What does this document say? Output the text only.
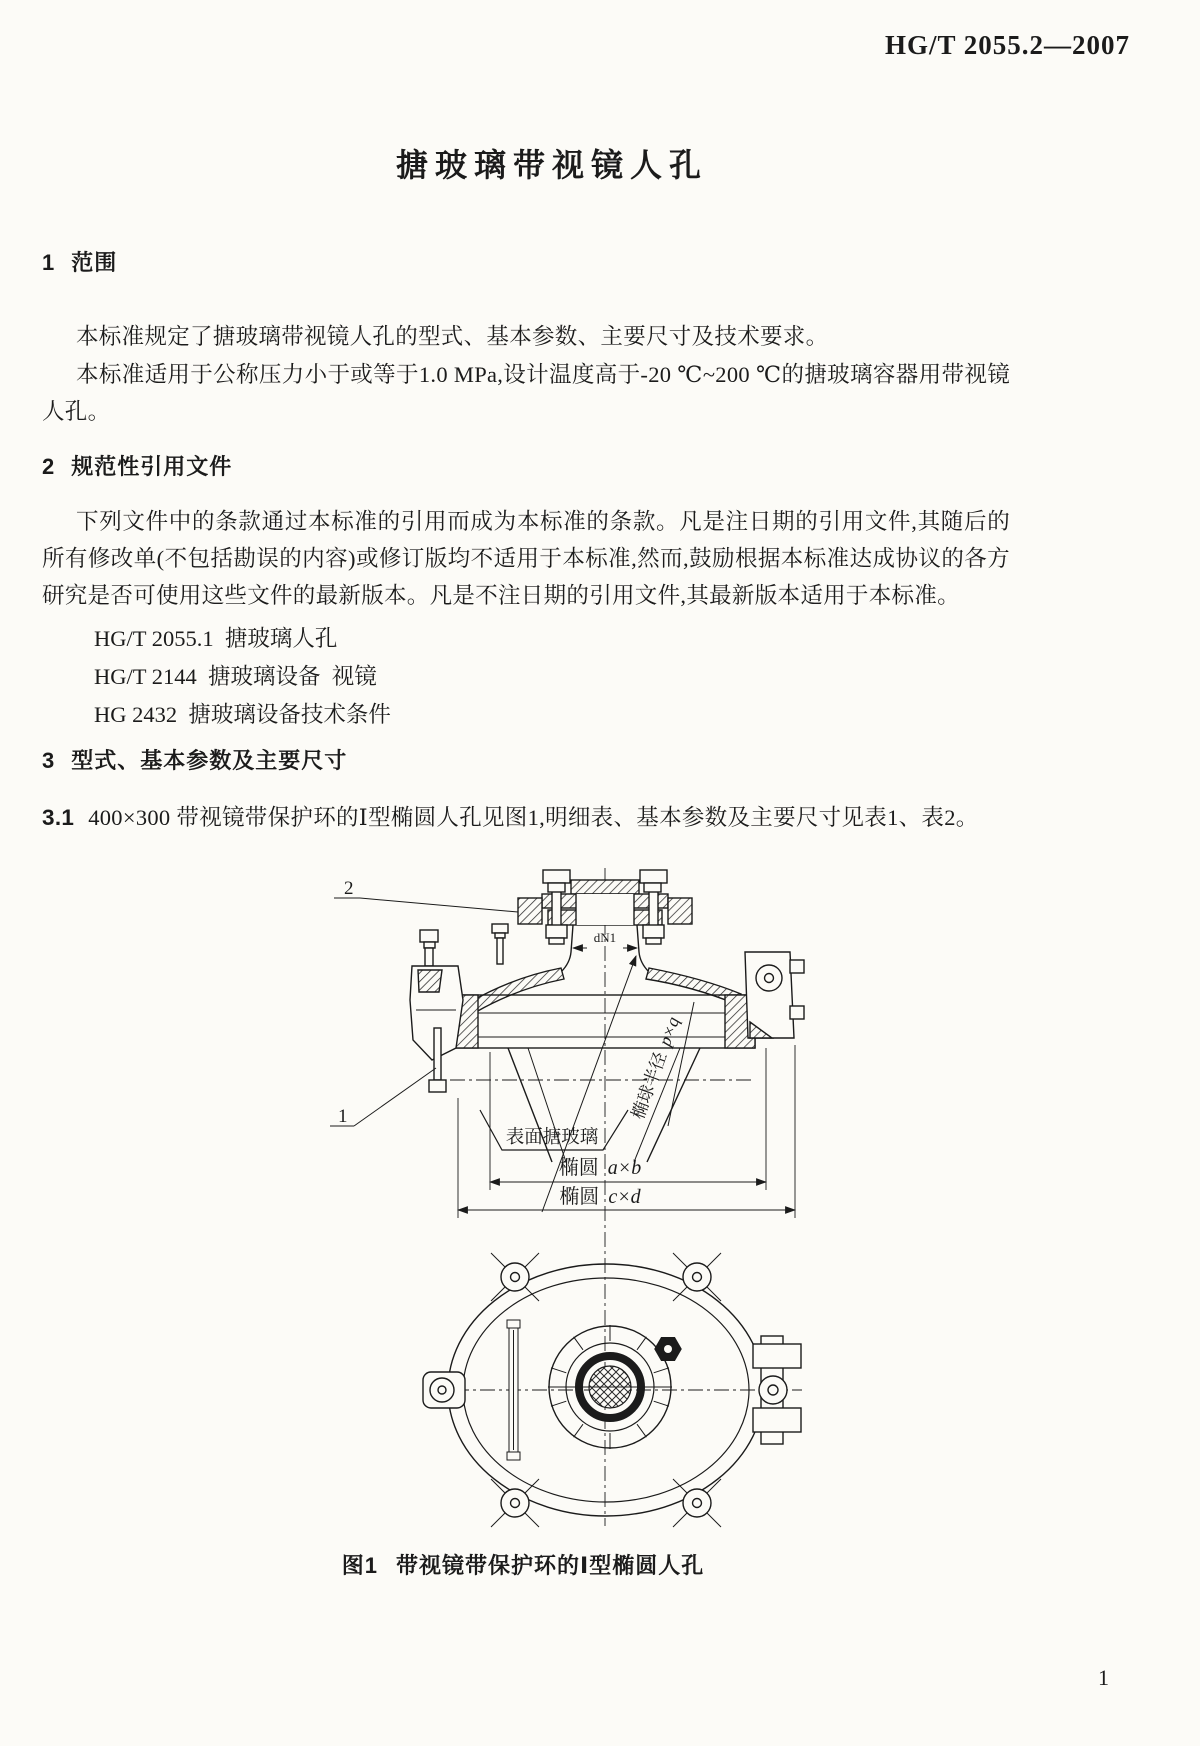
HG/T 2055.2—2007
搪玻璃带视镜人孔
1 范围
本标准规定了搪玻璃带视镜人孔的型式、基本参数、主要尺寸及技术要求。
本标准适用于公称压力小于或等于1.0 MPa,设计温度高于-20 ℃~200 ℃的搪玻璃容器用带视镜人孔。
2 规范性引用文件
下列文件中的条款通过本标准的引用而成为本标准的条款。凡是注日期的引用文件,其随后的所有修改单(不包括勘误的内容)或修订版均不适用于本标准,然而,鼓励根据本标准达成协议的各方研究是否可使用这些文件的最新版本。凡是不注日期的引用文件,其最新版本适用于本标准。
HG/T 2055.1  搪玻璃人孔
HG/T 2144  搪玻璃设备  视镜
HG 2432  搪玻璃设备技术条件
3 型式、基本参数及主要尺寸
3.1 400×300 带视镜带保护环的Ⅰ型椭圆人孔见图1,明细表、基本参数及主要尺寸见表1、表2。
dN1
表面搪玻璃
椭球半径p×q
椭圆 a×b
椭圆 c×d
2
1
图1 带视镜带保护环的Ⅰ型椭圆人孔
1
